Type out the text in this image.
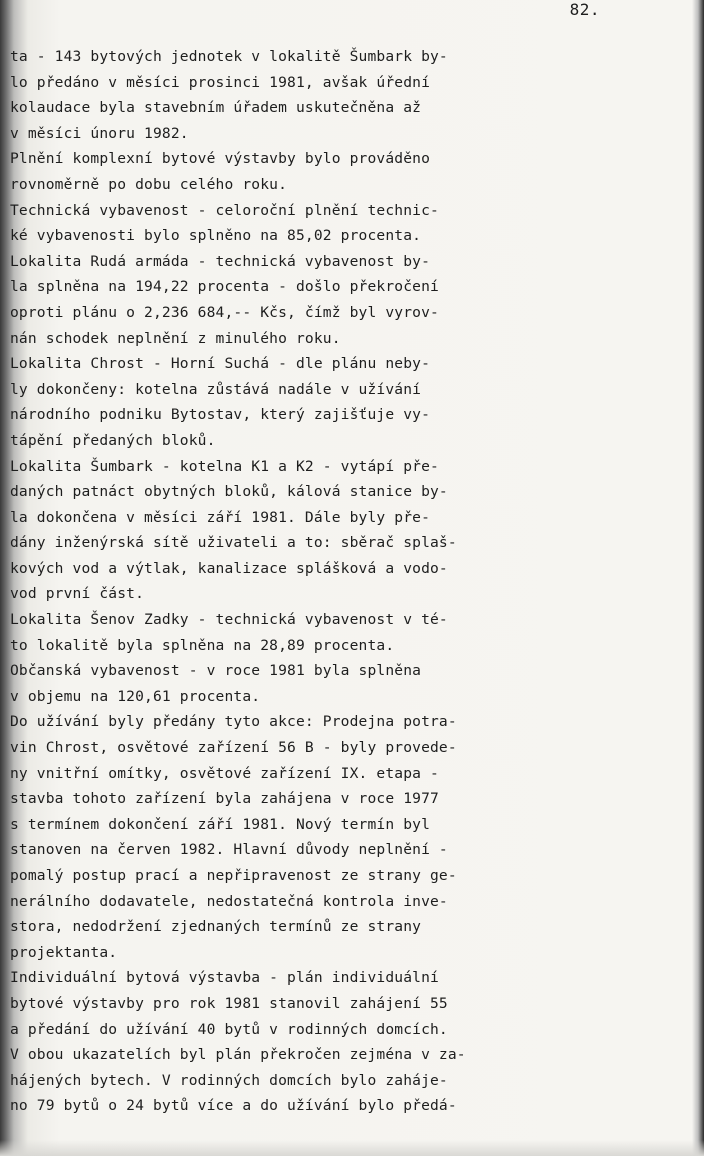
82.
ta - 143 bytových jednotek v lokalitě Šumbark by-
lo předáno v měsíci prosinci 1981, avšak úřední
kolaudace byla stavebním úřadem uskutečněna až
v měsíci únoru 1982.
Plnění komplexní bytové výstavby bylo prováděno
rovnoměrně po dobu celého roku.
Technická vybavenost - celoroční plnění technic-
ké vybavenosti bylo splněno na 85,02 procenta.
Lokalita Rudá armáda - technická vybavenost by-
la splněna na 194,22 procenta - došlo překročení
oproti plánu o 2,236 684,-- Kčs, čímž byl vyrov-
nán schodek neplnění z minulého roku.
Lokalita Chrost - Horní Suchá - dle plánu neby-
ly dokončeny: kotelna zůstává nadále v užívání
národního podniku Bytostav, který zajišťuje vy-
tápění předaných bloků.
Lokalita Šumbark - kotelna K1 a K2 - vytápí pře-
daných patnáct obytných bloků, kálová stanice by-
la dokončena v měsíci září 1981. Dále byly pře-
dány inženýrská sítě uživateli a to: sběrač splaš-
kových vod a výtlak, kanalizace splášková a vodo-
vod první část.
Lokalita Šenov Zadky - technická vybavenost v té-
to lokalitě byla splněna na 28,89 procenta.
Občanská vybavenost - v roce 1981 byla splněna
v objemu na 120,61 procenta.
Do užívání byly předány tyto akce: Prodejna potra-
vin Chrost, osvětové zařízení 56 B - byly provede-
ny vnitřní omítky, osvětové zařízení IX. etapa -
stavba tohoto zařízení byla zahájena v roce 1977
s termínem dokončení září 1981. Nový termín byl
stanoven na červen 1982. Hlavní důvody neplnění -
pomalý postup prací a nepřipravenost ze strany ge-
nerálního dodavatele, nedostatečná kontrola inve-
stora, nedodržení zjednaných termínů ze strany
projektanta.
Individuální bytová výstavba - plán individuální
bytové výstavby pro rok 1981 stanovil zahájení 55
a předání do užívání 40 bytů v rodinných domcích.
V obou ukazatelích byl plán překročen zejména v za-
hájených bytech. V rodinných domcích bylo zaháje-
no 79 bytů o 24 bytů více a do užívání bylo předá-
